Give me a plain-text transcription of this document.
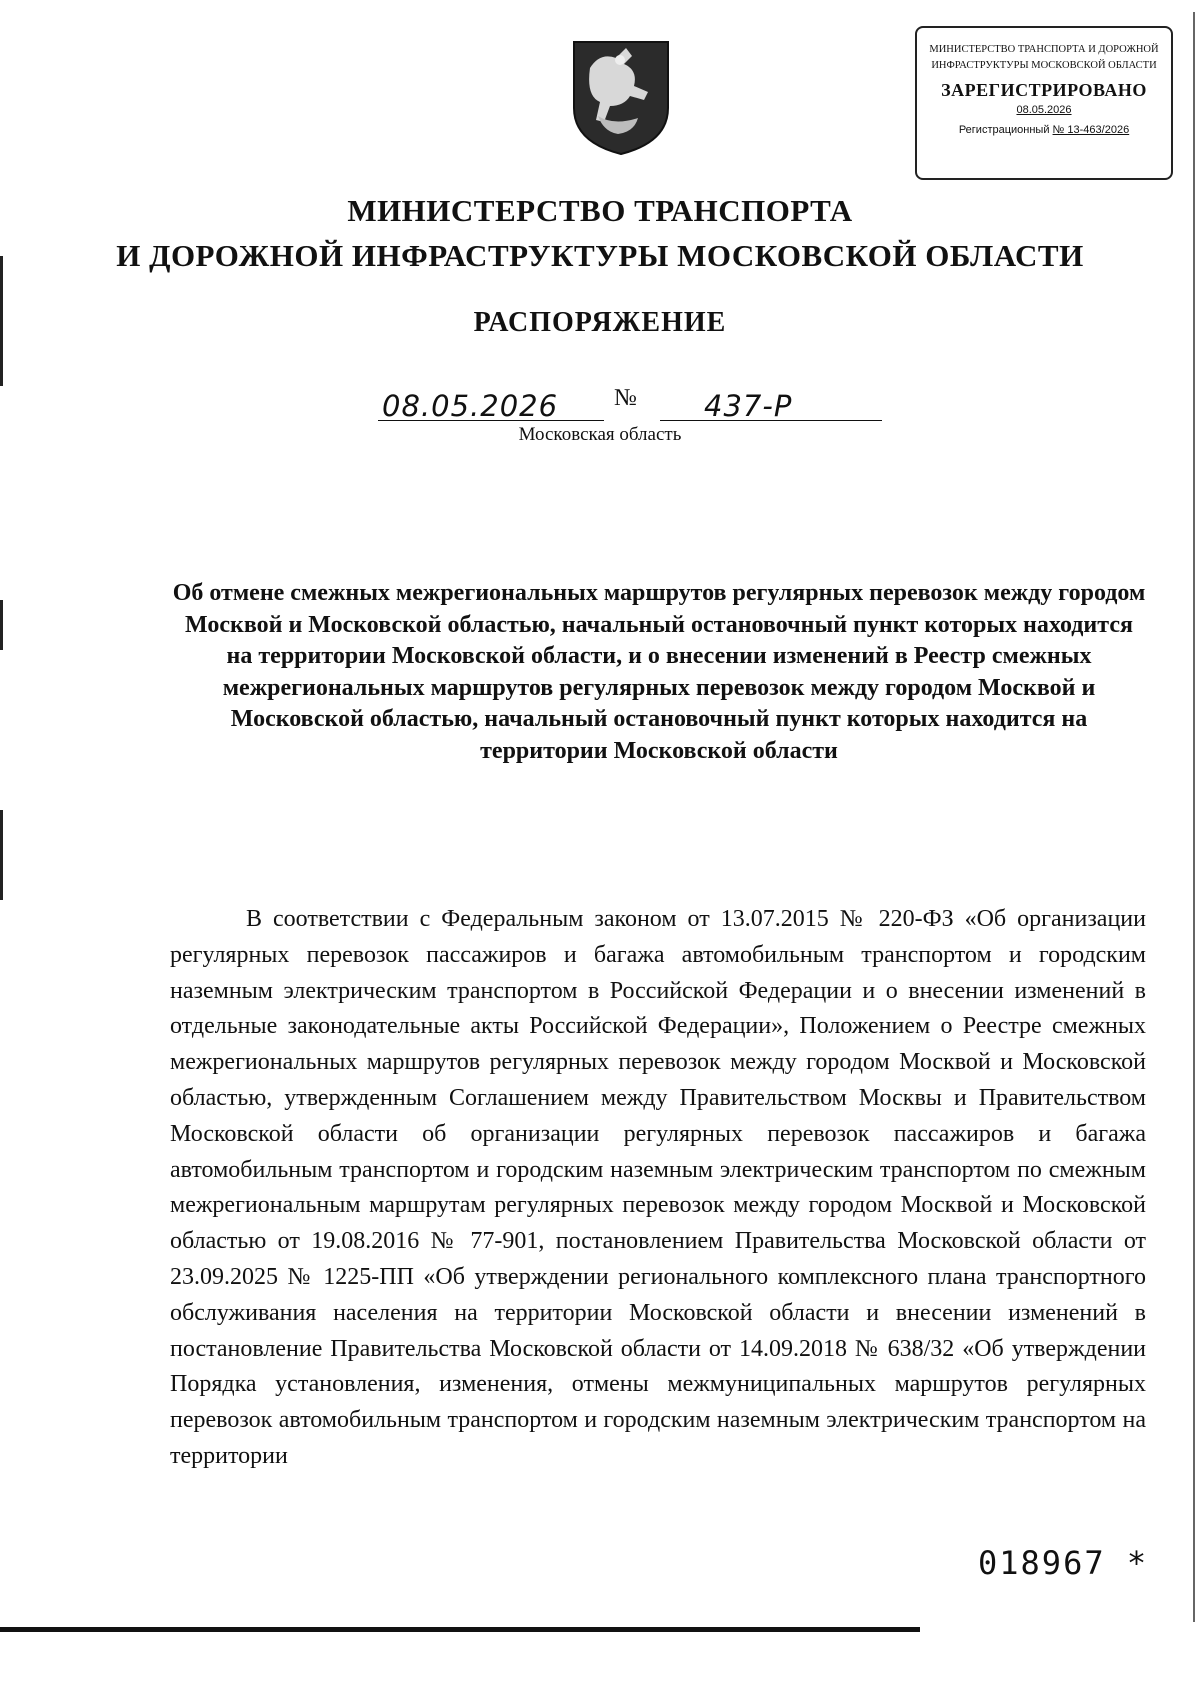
МИНИСТЕРСТВО ТРАНСПОРТА И ДОРОЖНОЙ ИНФРАСТРУКТУРЫ МОСКОВСКОЙ ОБЛАСТИ
ЗАРЕГИСТРИРОВАНО
08.05.2026
Регистрационный № 13-463/2026
МИНИСТЕРСТВО ТРАНСПОРТА
И ДОРОЖНОЙ ИНФРАСТРУКТУРЫ МОСКОВСКОЙ ОБЛАСТИ
РАСПОРЯЖЕНИЕ
08.05.2026 № 437-Р
Московская область
Об отмене смежных межрегиональных маршрутов регулярных перевозок между городом Москвой и Московской областью, начальный остановочный пункт которых находится на территории Московской области, и о внесении изменений в Реестр смежных межрегиональных маршрутов регулярных перевозок между городом Москвой и Московской областью, начальный остановочный пункт которых находится на территории Московской области

В соответствии с Федеральным законом от 13.07.2015 № 220-ФЗ «Об организации регулярных перевозок пассажиров и багажа автомобильным транспортом и городским наземным электрическим транспортом в Российской Федерации и о внесении изменений в отдельные законодательные акты Российской Федерации», Положением о Реестре смежных межрегиональных маршрутов регулярных перевозок между городом Москвой и Московской областью, утвержденным Соглашением между Правительством Москвы и Правительством Московской области об организации регулярных перевозок пассажиров и багажа автомобильным транспортом и городским наземным электрическим транспортом по смежным межрегиональным маршрутам регулярных перевозок между городом Москвой и Московской областью от 19.08.2016 № 77-901, постановлением Правительства Московской области от 23.09.2025 № 1225-ПП «Об утверждении регионального комплексного плана транспортного обслуживания населения на территории Московской области и внесении изменений в постановление Правительства Московской области от 14.09.2018 № 638/32 «Об утверждении Порядка установления, изменения, отмены межмуниципальных маршрутов регулярных перевозок автомобильным транспортом и городским наземным электрическим транспортом на территории

018967 *
